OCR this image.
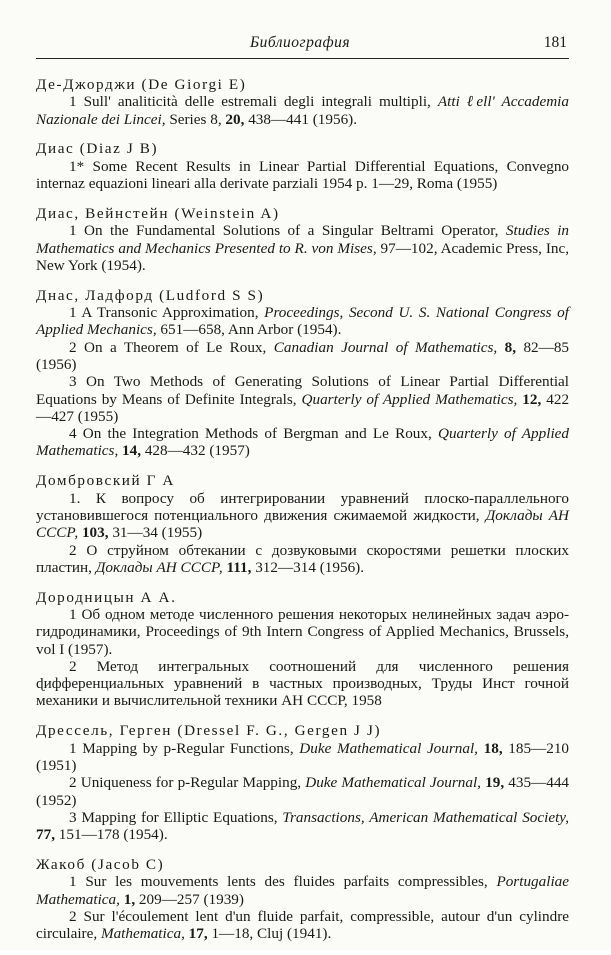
Библиография	181
Де-Джорджи (De Giorgi E)
1 Sull' analiticità delle estremali degli integrali multipli, Atti ℓell' Accademia Nazionale dei Lincei, Series 8, 20, 438—441 (1956).
Диас (Diaz J B)
1* Some Recent Results in Linear Partial Differential Equations, Convegno internaz equazioni lineari alla derivate parziali 1954 p. 1—29, Roma (1955)
Диас, Вейнстейн (Weinstein A)
1 On the Fundamental Solutions of a Singular Beltrami Operator, Studies in Mathematics and Mechanics Presented to R. von Mises, 97—102, Academic Press, Inc, New York (1954).
Днас, Ладфорд (Ludford S S)
1 A Transonic Approximation, Proceedings, Second U. S. National Congress of Applied Mechanics, 651—658, Ann Arbor (1954).
2 On a Theorem of Le Roux, Canadian Journal of Mathematics, 8, 82—85 (1956)
3 On Two Methods of Generating Solutions of Linear Partial Differential Equations by Means of Definite Integrals, Quarterly of Applied Mathematics, 12, 422—427 (1955)
4 On the Integration Methods of Bergman and Le Roux, Quarterly of Applied Mathematics, 14, 428—432 (1957)
Домбровский Г А
1. К вопросу об интегрировании уравнений плоско-параллельного установившегося потенциального движения сжимаемой жидкости, Доклады АН СССР, 103, 31—34 (1955)
2 О струйном обтекании с дозвуковыми скоростями решетки плоских пластин, Доклады АН СССР, 111, 312—314 (1956).
Дородницын А А.
1 Об одном методе численного решения некоторых нелинейных задач аэро-гидродинамики, Proceedings of 9th Intern Congress of Applied Mechanics, Brussels, vol I (1957).
2 Метод интегральных соотношений для численного решения ɖифференциальных уравнений в частных производных, Труды Инст гочной механики и вычислительной техники АН СССР, 1958
Дрессель, Герген (Dressel F. G., Gergen J J)
1 Mapping by p-Regular Functions, Duke Mathematical Journal, 18, 185—210 (1951)
2 Uniqueness for p-Regular Mapping, Duke Mathematical Journal, 19, 435—444 (1952)
3 Mapping for Elliptic Equations, Transactions, American Mathematical Society, 77, 151—178 (1954).
Жакоб (Jacob C)
1 Sur les mouvements lents des fluides parfaits compressibles, Portugaliae Mathematica, 1, 209—257 (1939)
2 Sur l'écoulement lent d'un fluide parfait, compressible, autour d'un cylindre circulaire, Mathematica, 17, 1—18, Cluj (1941).
